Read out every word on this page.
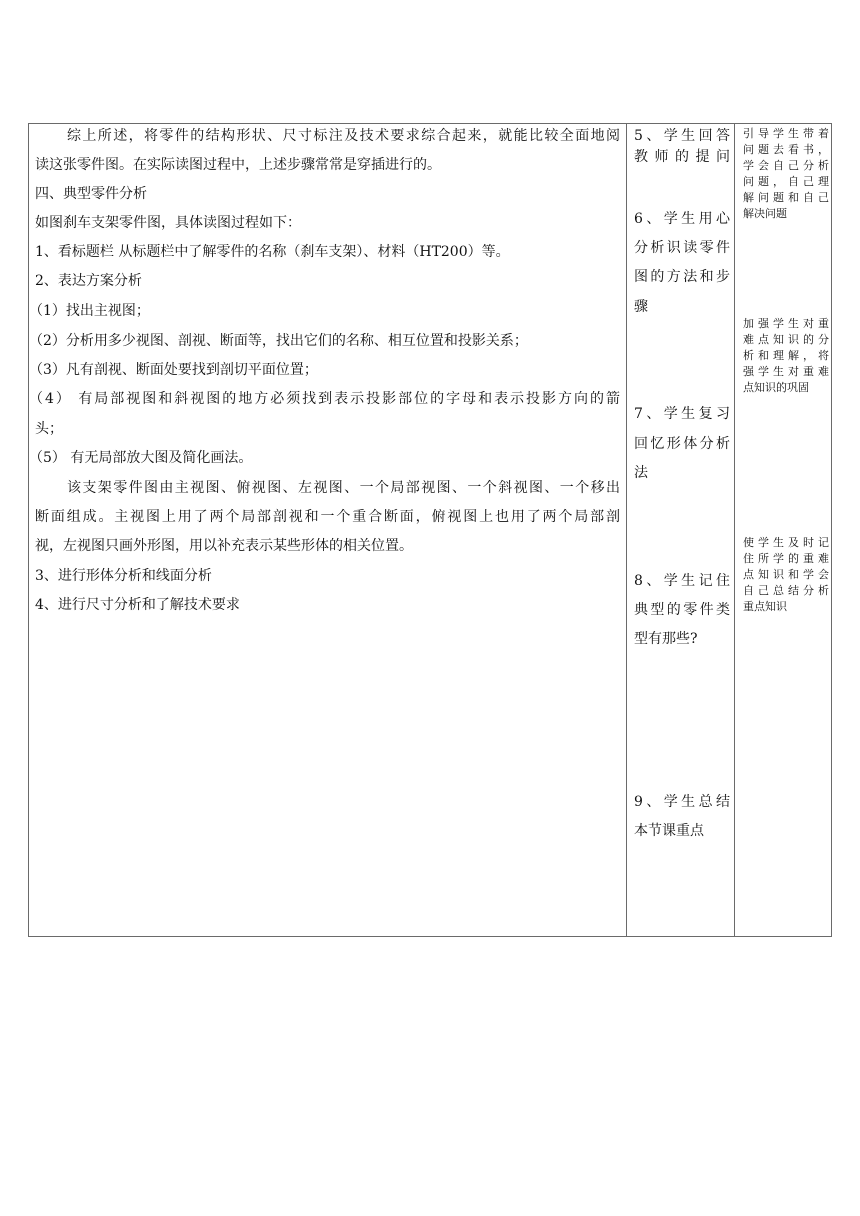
综上所述，将零件的结构形状、尺寸标注及技术要求综合起来，就能比较全面地阅
读这张零件图。在实际读图过程中，上述步骤常常是穿插进行的。
四、典型零件分析
如图刹车支架零件图，具体读图过程如下：
1、看标题栏 从标题栏中了解零件的名称（刹车支架）、材料（HT200）等。
2、表达方案分析
（1）找出主视图；
（2）分析用多少视图、剖视、断面等，找出它们的名称、相互位置和投影关系；
（3）凡有剖视、断面处要找到剖切平面位置；
（4） 有局部视图和斜视图的地方必须找到表示投影部位的字母和表示投影方向的箭
头；
（5） 有无局部放大图及简化画法。
该支架零件图由主视图、俯视图、左视图、一个局部视图、一个斜视图、一个移出
断面组成。主视图上用了两个局部剖视和一个重合断面，俯视图上也用了两个局部剖
视，左视图只画外形图，用以补充表示某些形体的相关位置。
3、进行形体分析和线面分析
4、进行尺寸分析和了解技术要求
5、学生回答
教师的提问
6、学生用心
分析识读零件
图的方法和步
骤
7、学生复习
回忆形体分析
法
8、学生记住
典型的零件类
型有那些?
9、学生总结
本节课重点
引导学生带着
问题去看书，
学会自己分析
问题，自己理
解问题和自己
解决问题
加强学生对重
难点知识的分
析和理解，将
强学生对重难
点知识的巩固
使学生及时记
住所学的重难
点知识和学会
自己总结分析
重点知识
